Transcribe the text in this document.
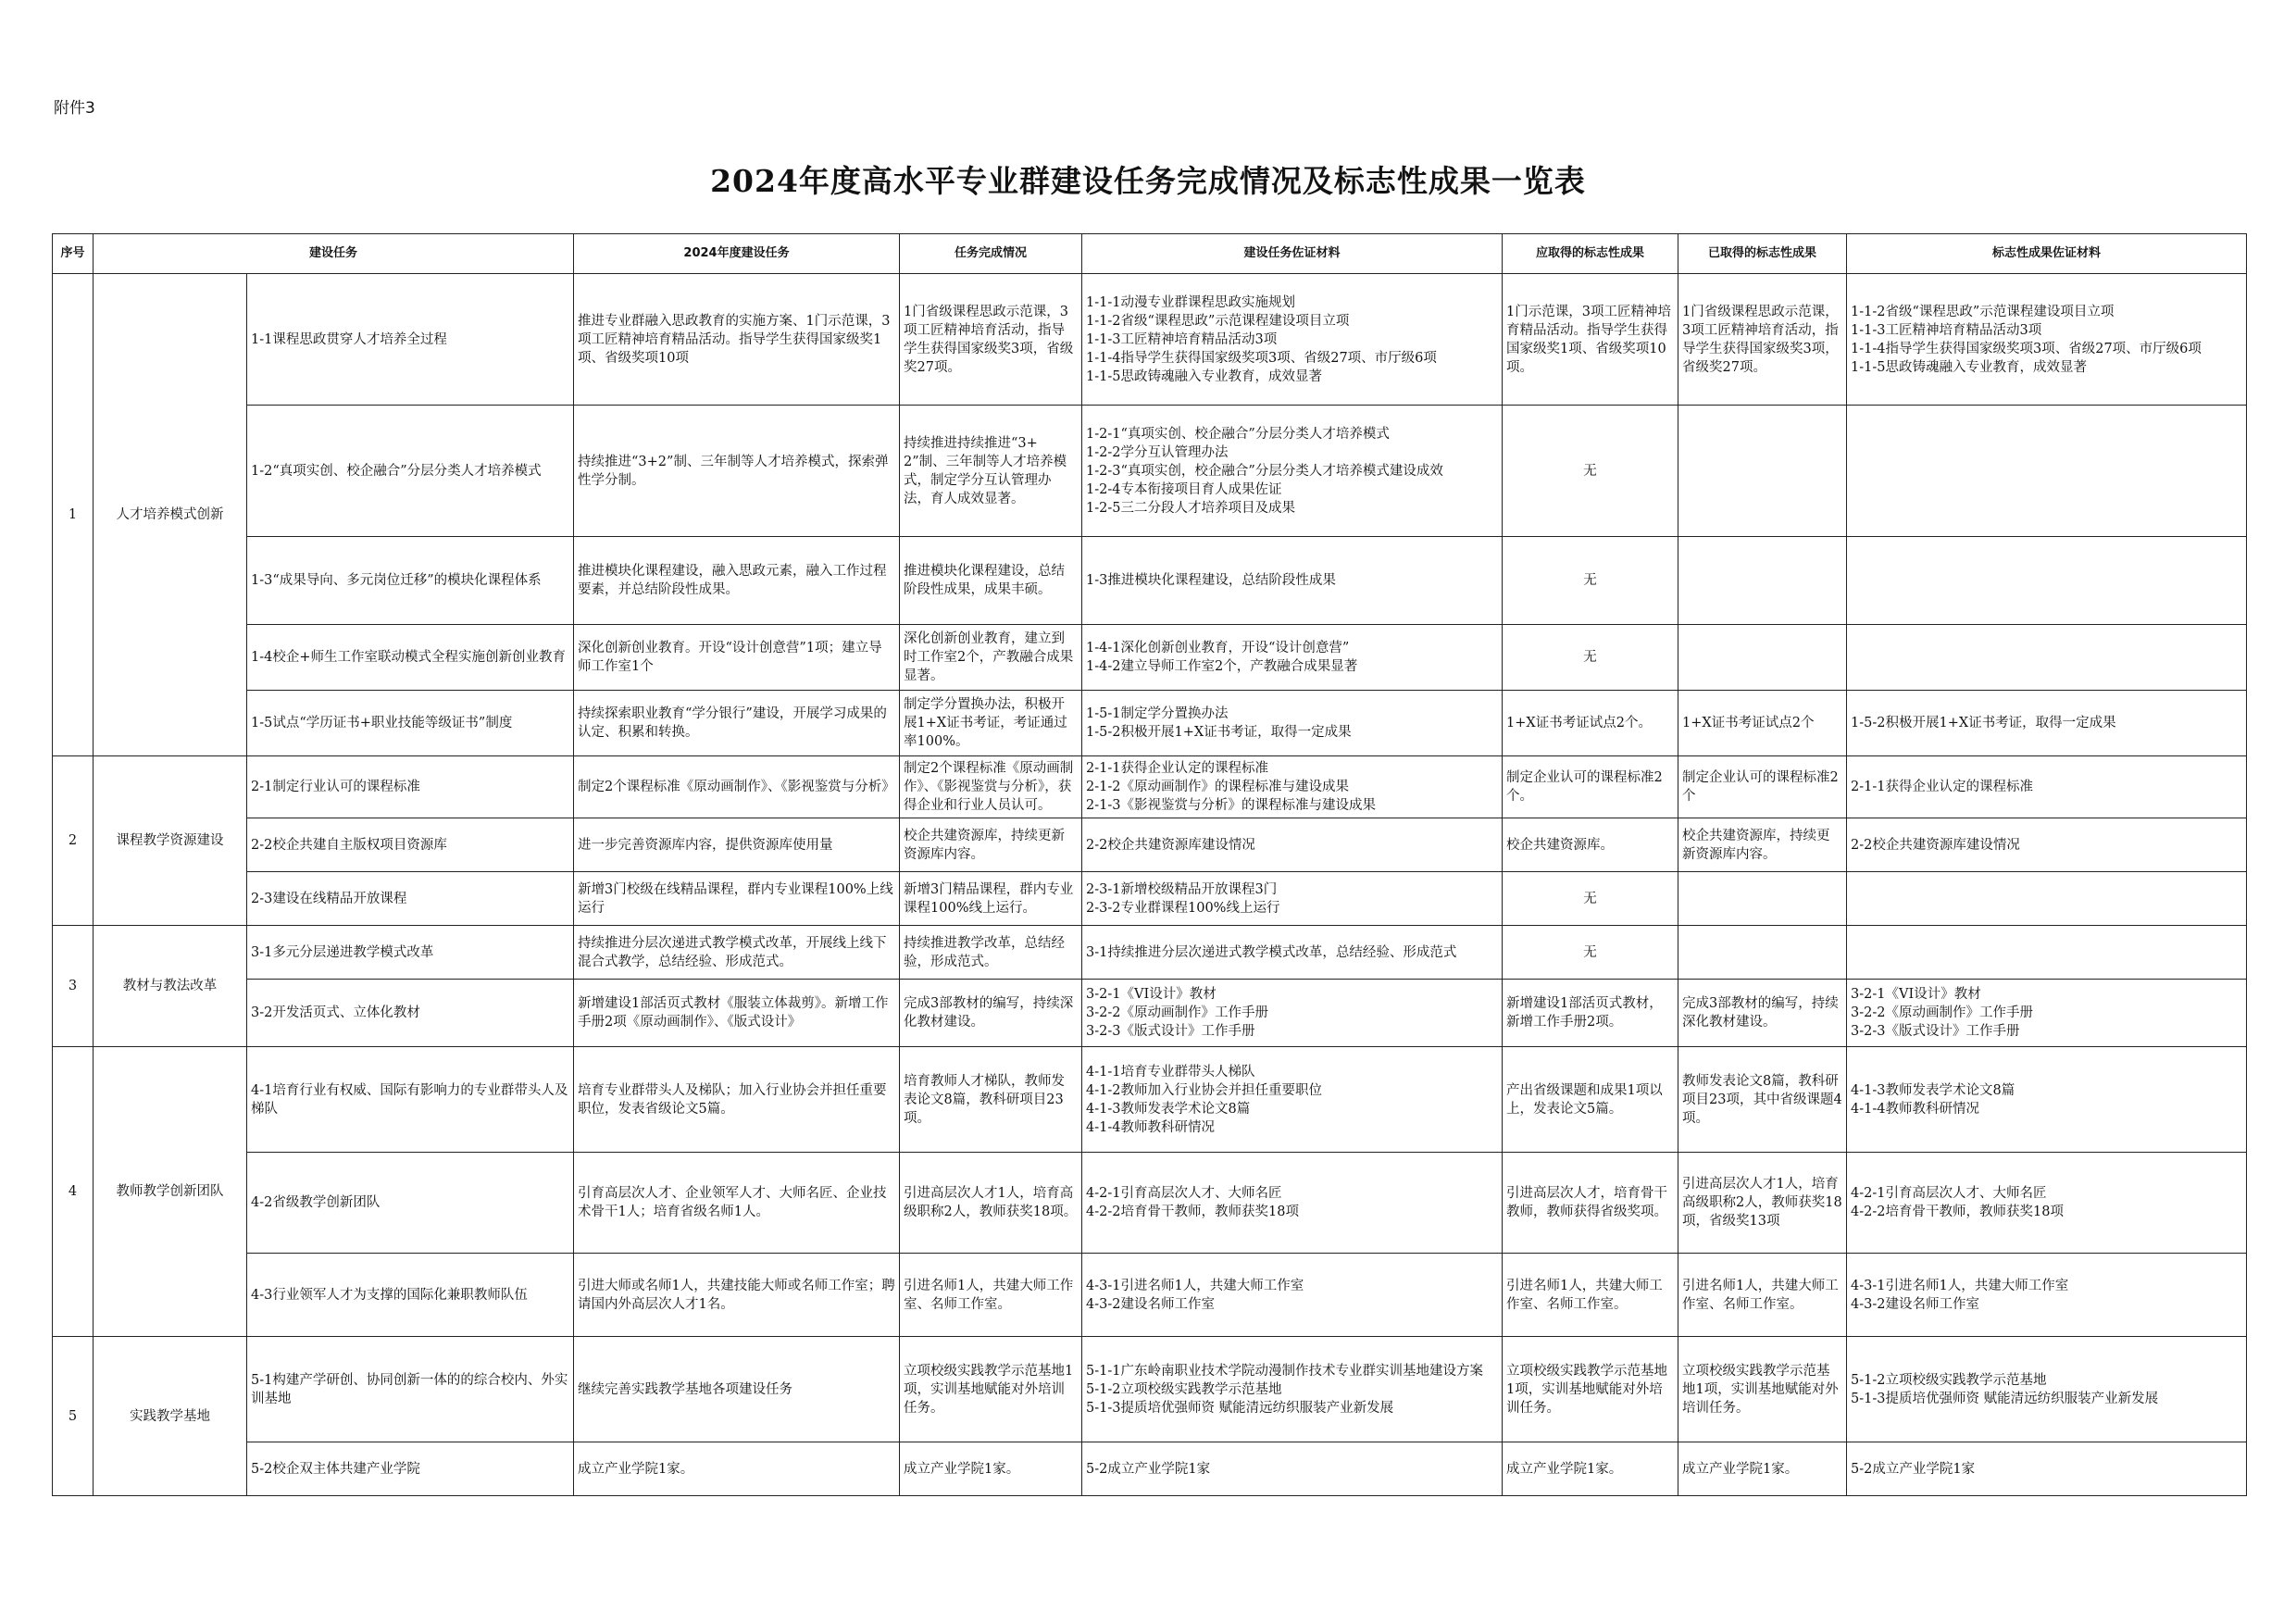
附件3
2024年度高水平专业群建设任务完成情况及标志性成果一览表
序号	建设任务		2024年度建设任务	任务完成情况	建设任务佐证材料	应取得的标志性成果	已取得的标志性成果	标志性成果佐证材料
1	人才培养模式创新	1-1课程思政贯穿人才培养全过程	推进专业群融入思政教育的实施方案、1门示范课，3项工匠精神培育精品活动。指导学生获得国家级奖1项、省级奖项10项	1门省级课程思政示范课，3项工匠精神培育活动，指导学生获得国家级奖3项，省级奖27项。	1-1-1动漫专业群课程思政实施规划
1-1-2省级“课程思政”示范课程建设项目立项
1-1-3工匠精神培育精品活动3项
1-1-4指导学生获得国家级奖项3项、省级27项、市厅级6项
1-1-5思政铸魂融入专业教育，成效显著	1门示范课，3项工匠精神培育精品活动。指导学生获得国家级奖1项、省级奖项10项。	1门省级课程思政示范课，3项工匠精神培育活动，指导学生获得国家级奖3项，省级奖27项。	1-1-2省级“课程思政”示范课程建设项目立项
1-1-3工匠精神培育精品活动3项
1-1-4指导学生获得国家级奖项3项、省级27项、市厅级6项
1-1-5思政铸魂融入专业教育，成效显著
		1-2“真项实创、校企融合”分层分类人才培养模式	持续推进“3+2”制、三年制等人才培养模式，探索弹性学分制。	持续推进持续推进“3+2”制、三年制等人才培养模式，制定学分互认管理办法，育人成效显著。	1-2-1“真项实创、校企融合”分层分类人才培养模式
1-2-2学分互认管理办法
1-2-3“真项实创，校企融合”分层分类人才培养模式建设成效
1-2-4专本衔接项目育人成果佐证
1-2-5三二分段人才培养项目及成果	无		
		1-3“成果导向、多元岗位迁移”的模块化课程体系	推进模块化课程建设，融入思政元素，融入工作过程要素，并总结阶段性成果。	推进模块化课程建设，总结阶段性成果，成果丰硕。	1-3推进模块化课程建设，总结阶段性成果	无		
		1-4校企+师生工作室联动模式全程实施创新创业教育	深化创新创业教育。开设“设计创意营”1项；建立导师工作室1个	深化创新创业教育，建立到时工作室2个，产教融合成果显著。	1-4-1深化创新创业教育，开设“设计创意营”
1-4-2建立导师工作室2个，产教融合成果显著	无		
		1-5试点“学历证书+职业技能等级证书”制度	持续探索职业教育“学分银行”建设，开展学习成果的认定、积累和转换。	制定学分置换办法，积极开展1+X证书考证，考证通过率100%。	1-5-1制定学分置换办法
1-5-2积极开展1+X证书考证，取得一定成果	1+X证书考证试点2个。	1+X证书考证试点2个	1-5-2积极开展1+X证书考证，取得一定成果
2	课程教学资源建设	2-1制定行业认可的课程标准	制定2个课程标准《原动画制作》、《影视鉴赏与分析》	制定2个课程标准《原动画制作》、《影视鉴赏与分析》，获得企业和行业人员认可。	2-1-1获得企业认定的课程标准
2-1-2《原动画制作》的课程标准与建设成果
2-1-3《影视鉴赏与分析》的课程标准与建设成果	制定企业认可的课程标准2个。	制定企业认可的课程标准2个	2-1-1获得企业认定的课程标准
		2-2校企共建自主版权项目资源库	进一步完善资源库内容，提供资源库使用量	校企共建资源库，持续更新资源库内容。	2-2校企共建资源库建设情况	校企共建资源库。	校企共建资源库，持续更新资源库内容。	2-2校企共建资源库建设情况
		2-3建设在线精品开放课程	新增3门校级在线精品课程，群内专业课程100%上线运行	新增3门精品课程，群内专业课程100%线上运行。	2-3-1新增校级精品开放课程3门
2-3-2专业群课程100%线上运行	无		
3	教材与教法改革	3-1多元分层递进教学模式改革	持续推进分层次递进式教学模式改革，开展线上线下混合式教学，总结经验、形成范式。	持续推进教学改革，总结经验，形成范式。	3-1持续推进分层次递进式教学模式改革，总结经验、形成范式	无		
		3-2开发活页式、立体化教材	新增建设1部活页式教材《服装立体裁剪》。新增工作手册2项《原动画制作》、《版式设计》	完成3部教材的编写，持续深化教材建设。	3-2-1《VI设计》教材
3-2-2《原动画制作》工作手册
3-2-3《版式设计》工作手册	新增建设1部活页式教材，新增工作手册2项。	完成3部教材的编写，持续深化教材建设。	3-2-1《VI设计》教材
3-2-2《原动画制作》工作手册
3-2-3《版式设计》工作手册
4	教师教学创新团队	4-1培育行业有权威、国际有影响力的专业群带头人及梯队	培育专业群带头人及梯队；加入行业协会并担任重要职位，发表省级论文5篇。	培育教师人才梯队，教师发表论文8篇，教科研项目23项。	4-1-1培育专业群带头人梯队
4-1-2教师加入行业协会并担任重要职位
4-1-3教师发表学术论文8篇
4-1-4教师教科研情况	产出省级课题和成果1项以上，发表论文5篇。	教师发表论文8篇，教科研项目23项，其中省级课题4项。	4-1-3教师发表学术论文8篇
4-1-4教师教科研情况
		4-2省级教学创新团队	引育高层次人才、企业领军人才、大师名匠、企业技术骨干1人；培育省级名师1人。	引进高层次人才1人，培育高级职称2人，教师获奖18项。	4-2-1引育高层次人才、大师名匠
4-2-2培育骨干教师，教师获奖18项	引进高层次人才，培育骨干教师，教师获得省级奖项。	引进高层次人才1人，培育高级职称2人，教师获奖18项，省级奖13项	4-2-1引育高层次人才、大师名匠
4-2-2培育骨干教师，教师获奖18项
		4-3行业领军人才为支撑的国际化兼职教师队伍	引进大师或名师1人，共建技能大师或名师工作室；聘请国内外高层次人才1名。	引进名师1人，共建大师工作室、名师工作室。	4-3-1引进名师1人，共建大师工作室
4-3-2建设名师工作室	引进名师1人，共建大师工作室、名师工作室。	引进名师1人，共建大师工作室、名师工作室。	4-3-1引进名师1人，共建大师工作室
4-3-2建设名师工作室
5	实践教学基地	5-1构建产学研创、协同创新一体的的综合校内、外实训基地	继续完善实践教学基地各项建设任务	立项校级实践教学示范基地1项，实训基地赋能对外培训任务。	5-1-1广东岭南职业技术学院动漫制作技术专业群实训基地建设方案
5-1-2立项校级实践教学示范基地
5-1-3提质培优强师资 赋能清远纺织服装产业新发展	立项校级实践教学示范基地1项，实训基地赋能对外培训任务。	立项校级实践教学示范基地1项，实训基地赋能对外培训任务。	5-1-2立项校级实践教学示范基地
5-1-3提质培优强师资 赋能清远纺织服装产业新发展
		5-2校企双主体共建产业学院	成立产业学院1家。	成立产业学院1家。	5-2成立产业学院1家	成立产业学院1家。	成立产业学院1家。	5-2成立产业学院1家
